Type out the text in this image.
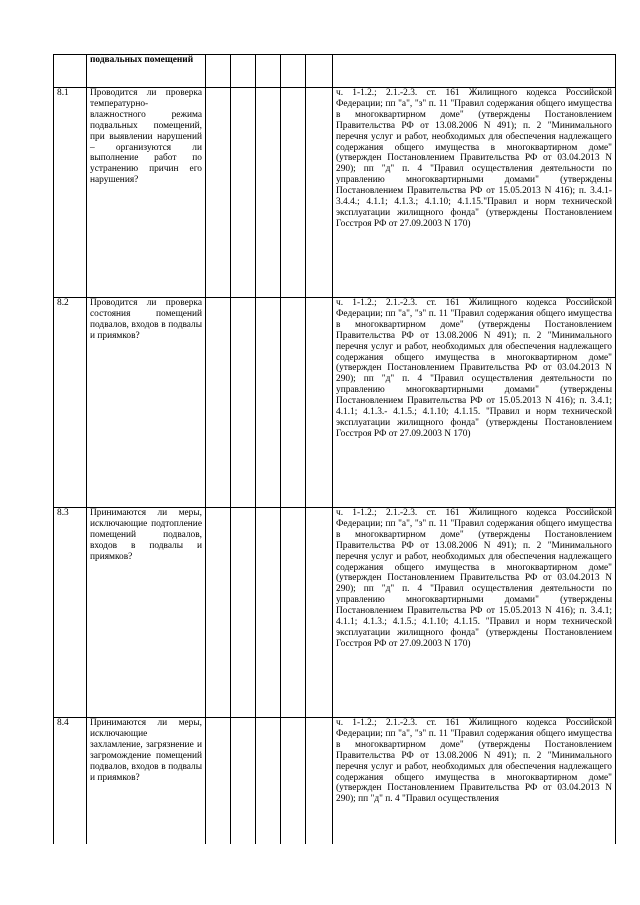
	подвальных помещений						
8.1	Проводится ли проверка температурно-влажностного режима подвальных помещений, при выявлении нарушений – организуются ли выполнение работ по устранению причин его нарушения?						ч. 1-1.2.; 2.1.-2.3. ст. 161 Жилищного кодекса Российской Федерации; пп "а", "з" п. 11 "Правил содержания общего имущества в многоквартирном доме" (утверждены Постановлением Правительства РФ от 13.08.2006 N 491); п. 2 "Минимального перечня услуг и работ, необходимых для обеспечения надлежащего содержания общего имущества в многоквартирном доме" (утвержден Постановлением Правительства РФ от 03.04.2013 N 290); пп "д" п. 4 "Правил осуществления деятельности по управлению многоквартирными домами" (утверждены Постановлением Правительства РФ от 15.05.2013 N 416); п. 3.4.1-3.4.4.; 4.1.1; 4.1.3.; 4.1.10; 4.1.15."Правил и норм технической эксплуатации жилищного фонда" (утверждены Постановлением Госстроя РФ от 27.09.2003 N 170)
8.2	Проводится ли проверка состояния помещений подвалов, входов в подвалы и приямков?						ч. 1-1.2.; 2.1.-2.3. ст. 161 Жилищного кодекса Российской Федерации; пп "а", "з" п. 11 "Правил содержания общего имущества в многоквартирном доме" (утверждены Постановлением Правительства РФ от 13.08.2006 N 491); п. 2 "Минимального перечня услуг и работ, необходимых для обеспечения надлежащего содержания общего имущества в многоквартирном доме" (утвержден Постановлением Правительства РФ от 03.04.2013 N 290); пп "д" п. 4 "Правил осуществления деятельности по управлению многоквартирными домами" (утверждены Постановлением Правительства РФ от 15.05.2013 N 416); п. 3.4.1; 4.1.1; 4.1.3.- 4.1.5.; 4.1.10; 4.1.15. "Правил и норм технической эксплуатации жилищного фонда" (утверждены Постановлением Госстроя РФ от 27.09.2003 N 170)
8.3	Принимаются ли меры, исключающие подтопление помещений подвалов, входов в подвалы и приямков?						ч. 1-1.2.; 2.1.-2.3. ст. 161 Жилищного кодекса Российской Федерации; пп "а", "з" п. 11 "Правил содержания общего имущества в многоквартирном доме" (утверждены Постановлением Правительства РФ от 13.08.2006 N 491); п. 2 "Минимального перечня услуг и работ, необходимых для обеспечения надлежащего содержания общего имущества в многоквартирном доме" (утвержден Постановлением Правительства РФ от 03.04.2013 N 290); пп "д" п. 4 "Правил осуществления деятельности по управлению многоквартирными домами" (утверждены Постановлением Правительства РФ от 15.05.2013 N 416); п. 3.4.1; 4.1.1; 4.1.3.; 4.1.5.; 4.1.10; 4.1.15. "Правил и норм технической эксплуатации жилищного фонда" (утверждены Постановлением Госстроя РФ от 27.09.2003 N 170)
8.4	Принимаются ли меры, исключающие захламление, загрязнение и загромождение помещений подвалов, входов в подвалы и приямков?						ч. 1-1.2.; 2.1.-2.3. ст. 161 Жилищного кодекса Российской Федерации; пп "а", "з" п. 11 "Правил содержания общего имущества в многоквартирном доме" (утверждены Постановлением Правительства РФ от 13.08.2006 N 491); п. 2 "Минимального перечня услуг и работ, необходимых для обеспечения надлежащего содержания общего имущества в многоквартирном доме" (утвержден Постановлением Правительства РФ от 03.04.2013 N 290); пп "д" п. 4 "Правил осуществления
